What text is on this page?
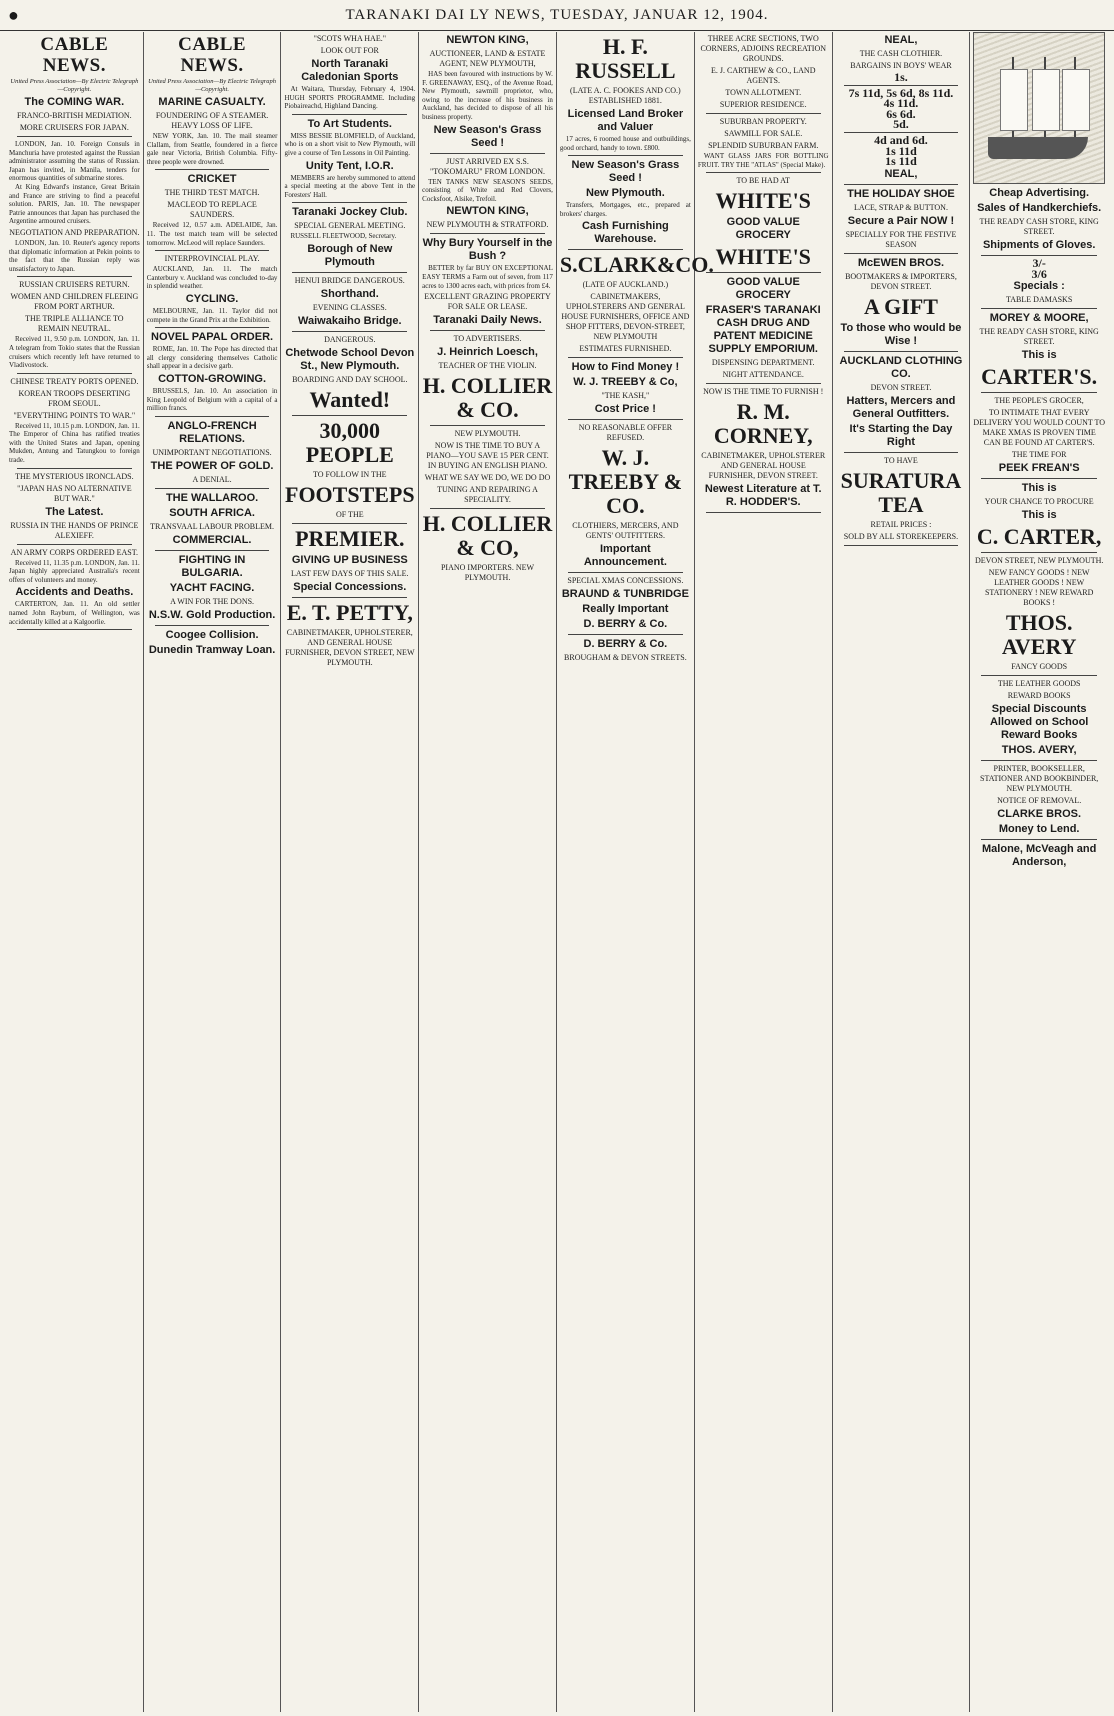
●	TARANAKI DAI LY NEWS, TUESDAY, JANUAR 12, 1904.
CABLE NEWS.
United Press Association—By Electric Telegraph—Copyright.
The COMING WAR.
FRANCO-BRITISH MEDIATION.
MORE CRUISERS FOR JAPAN.
LONDON, Jan. 10. Foreign Consuls in Manchuria have protested against the Russian administrator assuming the status of Russian. Japan has invited, in Manila, tenders for enormous quantities of submarine stores.
At King Edward's instance, Great Britain and France are striving to find a peaceful solution. PARIS, Jan. 10. The newspaper Patrie announces that Japan has purchased the Argentine armoured cruisers.
NEGOTIATION AND PREPARATION.
LONDON, Jan. 10. Reuter's agency reports that diplomatic information at Pekin points to the fact that the Russian reply was unsatisfactory to Japan.
RUSSIAN CRUISERS RETURN.
WOMEN AND CHILDREN FLEEING FROM PORT ARTHUR.
THE TRIPLE ALLIANCE TO REMAIN NEUTRAL.
Received 11, 9.50 p.m. LONDON, Jan. 11. A telegram from Tokio states that the Russian cruisers which recently left have returned to Vladivostock.
CHINESE TREATY PORTS OPENED.
KOREAN TROOPS DESERTING FROM SEOUL.
"EVERYTHING POINTS TO WAR."
Received 11, 10.15 p.m. LONDON, Jan. 11. The Emperor of China has ratified treaties with the United States and Japan, opening Mukden, Antung and Tatungkou to foreign trade.
THE MYSTERIOUS IRONCLADS.
"JAPAN HAS NO ALTERNATIVE BUT WAR."
The Latest.
RUSSIA IN THE HANDS OF PRINCE ALEXIEFF.
AN ARMY CORPS ORDERED EAST.
Received 11, 11.35 p.m. LONDON, Jan. 11. Japan highly appreciated Australia's recent offers of volunteers and money.
Accidents and Deaths.
CARTERTON, Jan. 11. An old settler named John Rayburn, of Wellington, was accidentally killed at a Kalgoorlie.
CABLE NEWS.
United Press Association—By Electric Telegraph—Copyright.
MARINE CASUALTY.
FOUNDERING OF A STEAMER. HEAVY LOSS OF LIFE.
NEW YORK, Jan. 10. The mail steamer Clallam, from Seattle, foundered in a fierce gale near Victoria, British Columbia. Fifty-three people were drowned.
CRICKET
THE THIRD TEST MATCH.
MACLEOD TO REPLACE SAUNDERS.
Received 12, 0.57 a.m. ADELAIDE, Jan. 11. The test match team will be selected tomorrow. McLeod will replace Saunders.
INTERPROVINCIAL PLAY.
AUCKLAND, Jan. 11. The match Canterbury v. Auckland was concluded to-day in splendid weather.
CYCLING.
MELBOURNE, Jan. 11. Taylor did not compete in the Grand Prix at the Exhibition.
NOVEL PAPAL ORDER.
ROME, Jan. 10. The Pope has directed that all clergy considering themselves Catholic shall appear in a decisive garb.
COTTON-GROWING.
BRUSSELS, Jan. 10. An association in King Leopold of Belgium with a capital of a million francs.
ANGLO-FRENCH RELATIONS.
UNIMPORTANT NEGOTIATIONS.
THE POWER OF GOLD.
A DENIAL.
THE WALLAROO.
SOUTH AFRICA.
TRANSVAAL LABOUR PROBLEM.
COMMERCIAL.
FIGHTING IN BULGARIA.
YACHT FACING.
A WIN FOR THE DONS.
N.S.W. Gold Production.
Coogee Collision.
Dunedin Tramway Loan.
"SCOTS WHA HAE."
LOOK OUT FOR
North Taranaki Caledonian Sports
At Waitara, Thursday, February 4, 1904. HUGH SPORTS PROGRAMME. Including Piobaireachd, Highland Dancing.
To Art Students.
MISS BESSIE BLOMFIELD, of Auckland, who is on a short visit to New Plymouth, will give a course of Ten Lessons in Oil Painting.
Unity Tent, I.O.R.
MEMBERS are hereby summoned to attend a special meeting at the above Tent in the Foresters' Hall.
Taranaki Jockey Club.
SPECIAL GENERAL MEETING.
RUSSELL FLEETWOOD, Secretary.
Borough of New Plymouth
HENUI BRIDGE DANGEROUS.
Shorthand.
EVENING CLASSES.
Waiwakaiho Bridge.
DANGEROUS.
Chetwode School Devon St., New Plymouth.
BOARDING AND DAY SCHOOL.
Wanted!
30,000 PEOPLE
TO FOLLOW IN THE
FOOTSTEPS
OF THE
PREMIER.
GIVING UP BUSINESS
LAST FEW DAYS OF THIS SALE.
Special Concessions.
E. T. PETTY,
CABINETMAKER, UPHOLSTERER, AND GENERAL HOUSE FURNISHER, DEVON STREET, NEW PLYMOUTH.
NEWTON KING,
AUCTIONEER, LAND & ESTATE AGENT, NEW PLYMOUTH,
HAS been favoured with instructions by W. F. GREENAWAY, ESQ., of the Avenue Road, New Plymouth, sawmill proprietor, who, owing to the increase of his business in Auckland, has decided to dispose of all his business property.
New Season's Grass Seed !
JUST ARRIVED EX S.S. "TOKOMARU" FROM LONDON.
TEN TANKS NEW SEASON'S SEEDS, consisting of White and Red Clovers, Cocksfoot, Alsike, Trefoil.
NEWTON KING,
NEW PLYMOUTH & STRATFORD.
Why Bury Yourself in the Bush ?
BETTER by far BUY ON EXCEPTIONAL EASY TERMS a Farm out of seven, from 117 acres to 1300 acres each, with prices from £4.
EXCELLENT GRAZING PROPERTY FOR SALE OR LEASE.
Taranaki Daily News.
TO ADVERTISERS.
J. Heinrich Loesch,
TEACHER OF THE VIOLIN.
H. COLLIER & CO.
NEW PLYMOUTH.
NOW IS THE TIME TO BUY A PIANO—YOU SAVE 15 PER CENT. IN BUYING AN ENGLISH PIANO.
WHAT WE SAY WE DO, WE DO DO
TUNING AND REPAIRING A SPECIALITY.
H. COLLIER & CO,
PIANO IMPORTERS. NEW PLYMOUTH.
H. F. RUSSELL
(LATE A. C. FOOKES AND CO.) ESTABLISHED 1881.
Licensed Land Broker and Valuer
17 acres, 6 roomed house and outbuildings, good orchard, handy to town. £800.
New Season's Grass Seed !
New Plymouth.
Transfers, Mortgages, etc., prepared at brokers' charges.
Cash Furnishing Warehouse.
S.CLARK&CO.
(LATE OF AUCKLAND.)
CABINETMAKERS, UPHOLSTERERS AND GENERAL HOUSE FURNISHERS, OFFICE AND SHOP FITTERS, DEVON-STREET, NEW PLYMOUTH
ESTIMATES FURNISHED.
How to Find Money !
W. J. TREEBY & Co,
"THE KASH,"
Cost Price !
NO REASONABLE OFFER REFUSED.
W. J. TREEBY & CO.
CLOTHIERS, MERCERS, AND GENTS' OUTFITTERS.
Important Announcement.
SPECIAL XMAS CONCESSIONS.
BRAUND & TUNBRIDGE
Really Important
D. BERRY & Co.
D. BERRY & Co.
BROUGHAM & DEVON STREETS.
THREE ACRE SECTIONS, TWO CORNERS, ADJOINS RECREATION GROUNDS.
E. J. CARTHEW & CO., LAND AGENTS.
TOWN ALLOTMENT.
SUPERIOR RESIDENCE.
SUBURBAN PROPERTY.
SAWMILL FOR SALE.
SPLENDID SUBURBAN FARM.
WANT GLASS JARS FOR BOTTLING FRUIT. TRY THE "ATLAS" (Special Make).
TO BE HAD AT
WHITE'S
GOOD VALUE GROCERY
WHITE'S
GOOD VALUE GROCERY
FRASER'S TARANAKI CASH DRUG AND PATENT MEDICINE SUPPLY EMPORIUM.
DISPENSING DEPARTMENT.
NIGHT ATTENDANCE.
NOW IS THE TIME TO FURNISH !
R. M. CORNEY,
CABINETMAKER, UPHOLSTERER AND GENERAL HOUSE FURNISHER, DEVON STREET.
Newest Literature at T. R. HODDER'S.
NEAL,
THE CASH CLOTHIER.
BARGAINS IN BOYS' WEAR
1s.
7s 11d, 5s 6d, 8s 11d.
4s 11d.
6s 6d.
5d.
4d and 6d.
1s 11d
1s 11d
NEAL,
THE HOLIDAY SHOE
LACE, STRAP & BUTTON.
Secure a Pair NOW !
SPECIALLY FOR THE FESTIVE SEASON
McEWEN BROS.
BOOTMAKERS & IMPORTERS, DEVON STREET.
A GIFT
To those who would be Wise !
AUCKLAND CLOTHING CO.
DEVON STREET.
Hatters, Mercers and General Outfitters.
It's Starting the Day Right
TO HAVE
SURATURA TEA
RETAIL PRICES :
SOLD BY ALL STOREKEEPERS.
Cheap Advertising.
Sales of Handkerchiefs.
THE READY CASH STORE, KING STREET.
Shipments of Gloves.
3/-
3/6
Specials :
TABLE DAMASKS
MOREY & MOORE,
THE READY CASH STORE, KING STREET.
This is
CARTER'S.
THE PEOPLE'S GROCER,
TO INTIMATE THAT EVERY DELIVERY YOU WOULD COUNT TO MAKE XMAS IS PROVEN TIME CAN BE FOUND AT CARTER'S.
THE TIME FOR
PEEK FREAN'S
This is
YOUR CHANCE TO PROCURE
This is
C. CARTER,
DEVON STREET, NEW PLYMOUTH.
NEW FANCY GOODS ! NEW LEATHER GOODS ! NEW STATIONERY ! NEW REWARD BOOKS !
THOS. AVERY
FANCY GOODS
THE LEATHER GOODS
REWARD BOOKS
Special Discounts Allowed on School Reward Books
THOS. AVERY,
PRINTER, BOOKSELLER, STATIONER AND BOOKBINDER, NEW PLYMOUTH.
NOTICE OF REMOVAL.
CLARKE BROS.
Money to Lend.
Malone, McVeagh and Anderson,
